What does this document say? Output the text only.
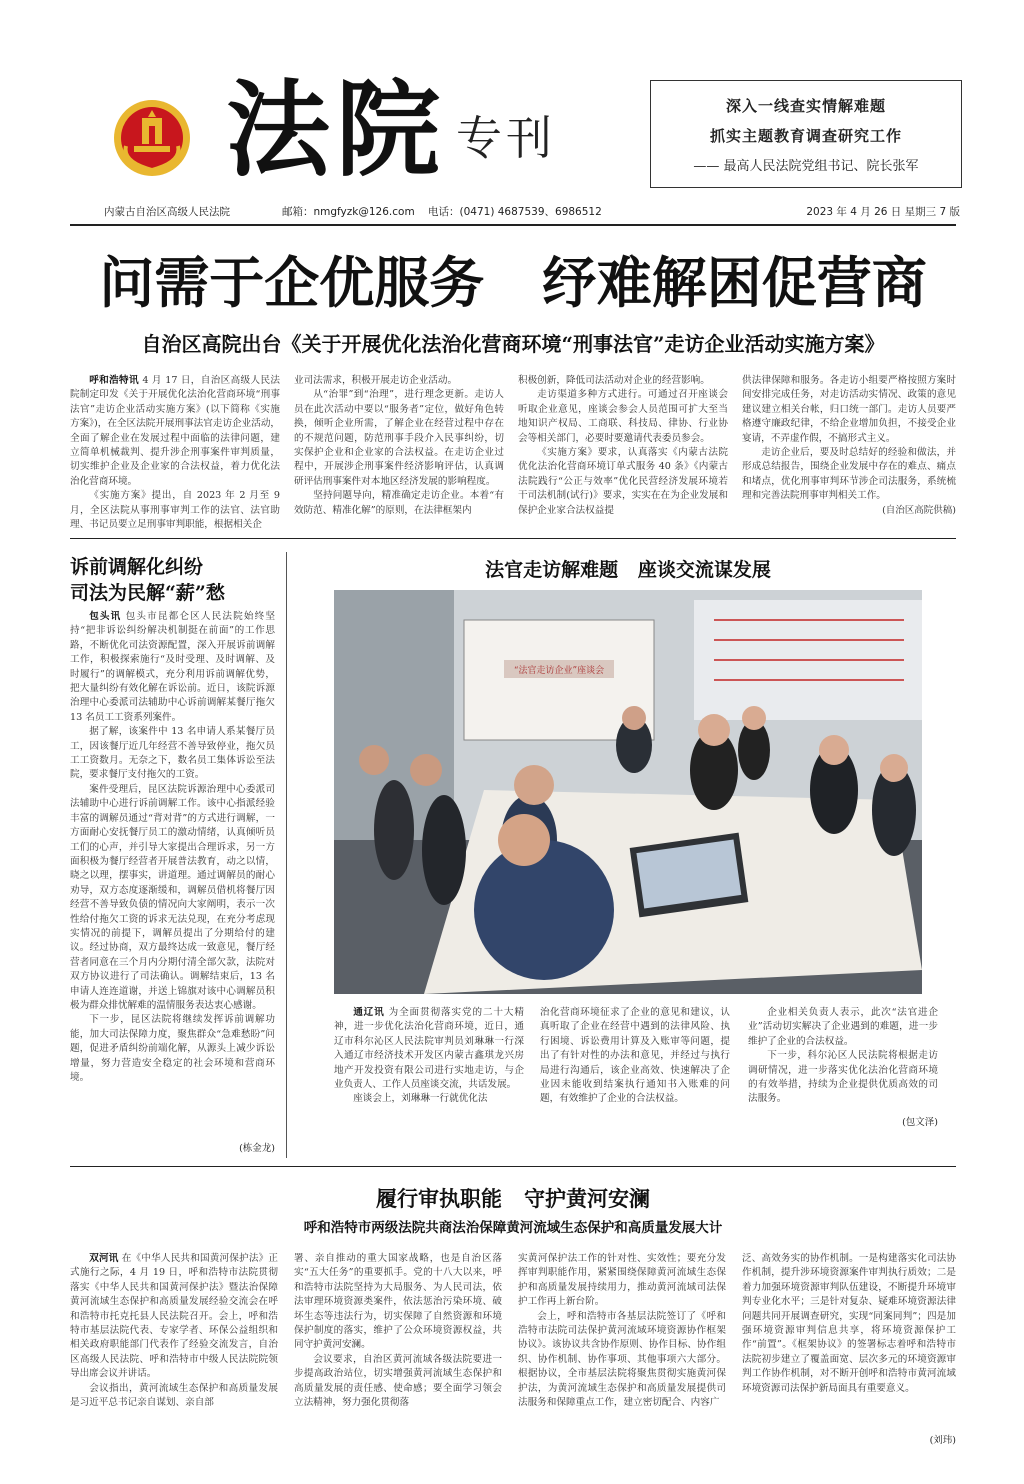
法院 专刊
深入一线查实情解难题
抓实主题教育调查研究工作
—— 最高人民法院党组书记、院长张军
内蒙古自治区高级人民法院	邮箱：nmgfyzk@126.com 电话：(0471) 4687539、6986512	2023 年 4 月 26 日 星期三 7 版
问需于企优服务   纾难解困促营商
自治区高院出台《关于开展优化法治化营商环境“刑事法官”走访企业活动实施方案》

呼和浩特讯 4 月 17 日，自治区高级人民法院制定印发《关于开展优化法治化营商环境“刑事法官”走访企业活动实施方案》(以下简称《实施方案》)，在全区法院开展刑事法官走访企业活动，全面了解企业在发展过程中面临的法律问题，建立简单机械裁判、提升涉企刑事案件审判质量，切实维护企业及企业家的合法权益，着力优化法治化营商环境。

《实施方案》提出，自 2023 年 2 月至 9 月，全区法院从事刑事审判工作的法官、法官助理、书记员要立足刑事审判职能，根据相关企

业司法需求，积极开展走访企业活动。

从“治罪”到“治理”，进行理念更新。走访人员在此次活动中要以“服务者”定位，做好角色转换，倾听企业所需，了解企业在经营过程中存在的不规范问题，防范刑事手段介入民事纠纷，切实保护企业和企业家的合法权益。在走访企业过程中，开展涉企刑事案件经济影响评估，认真调研评估刑事案件对本地区经济发展的影响程度。

坚持问题导向，精准确定走访企业。本着“有效防范、精准化解”的原则，在法律框架内

积极创新，降低司法活动对企业的经营影响。

走访渠道多种方式进行。可通过召开座谈会听取企业意见，座谈会参会人员范围可扩大至当地知识产权局、工商联、科技局、律协、行业协会等相关部门，必要时要邀请代表委员参会。

《实施方案》要求，认真落实《内蒙古法院优化法治化营商环境订单式服务 40 条》《内蒙古法院践行“公正与效率”优化民营经济发展环境若干司法机制(试行)》要求，实实在在为企业发展和保护企业家合法权益提

供法律保障和服务。各走访小组要严格按照方案时间安排完成任务，对走访活动实情况、政策的意见建议建立相关台帐，归口统一部门。走访人员要严格遵守廉政纪律，不给企业增加负担，不接受企业宴请，不弄虚作假，不搞形式主义。

走访企业后，要及时总结好的经验和做法，并形成总结报告，围绕企业发展中存在的难点、痛点和堵点，优化刑事审判环节涉企司法服务，系统梳理和完善法院刑事审判相关工作。

(自治区高院供稿)
诉前调解化纠纷
司法为民解“薪”愁

包头讯 包头市昆都仑区人民法院始终坚持“把非诉讼纠纷解决机制挺在前面”的工作思路，不断优化司法资源配置，深入开展诉前调解工作，积极探索施行“及时受理、及时调解、及时履行”的调解模式，充分利用诉前调解优势，把大量纠纷有效化解在诉讼前。近日，该院诉源治理中心委派司法辅助中心诉前调解某餐厅拖欠 13 名员工工资系列案件。

据了解，该案件中 13 名申请人系某餐厅员工，因该餐厅近几年经营不善导致停业，拖欠员工工资数月。无奈之下，数名员工集体诉讼至法院，要求餐厅支付拖欠的工资。

案件受理后，昆区法院诉源治理中心委派司法辅助中心进行诉前调解工作。该中心指派经验丰富的调解员通过“背对背”的方式进行调解，一方面耐心安抚餐厅员工的激动情绪，认真倾听员工们的心声，并引导大家提出合理诉求，另一方面积极为餐厅经营者开展普法教育，动之以情，晓之以理，摆事实，讲道理。通过调解员的耐心劝导，双方态度逐渐缓和，调解员借机将餐厅因经营不善导致负债的情况向大家阐明，表示一次性给付拖欠工资的诉求无法兑现，在充分考虑现实情况的前提下，调解员提出了分期给付的建议。经过协商，双方最终达成一致意见，餐厅经营者同意在三个月内分期付清全部欠款，法院对双方协议进行了司法确认。调解结束后，13 名申请人连连道谢，并送上锦旗对该中心调解员积极为群众排忧解难的温情服务表达衷心感谢。

下一步，昆区法院将继续发挥诉前调解功能，加大司法保障力度，聚焦群众“急难愁盼”问题，促进矛盾纠纷前端化解，从源头上减少诉讼增量，努力营造安全稳定的社会环境和营商环境。

(栋金龙)
法官走访解难题   座谈交流谋发展
“法官走访企业”座谈会

通辽讯 为全面贯彻落实党的二十大精神，进一步优化法治化营商环境，近日，通辽市科尔沁区人民法院审判员刘琳琳一行深入通辽市经济技术开发区内蒙古鑫琪龙兴房地产开发投资有限公司进行实地走访，与企业负责人、工作人员座谈交流，共话发展。

座谈会上，刘琳琳一行就优化法

治化营商环境征求了企业的意见和建议，认真听取了企业在经营中遇到的法律风险、执行困境、诉讼费用计算及入账审等问题，提出了有针对性的办法和意见，并经过与执行局进行沟通后，该企业高效、快速解决了企业因未能收到结案执行通知书入账难的问题，有效维护了企业的合法权益。

企业相关负责人表示，此次“法官进企业”活动切实解决了企业遇到的难题，进一步维护了企业的合法权益。

下一步，科尔沁区人民法院将根据走访调研情况，进一步落实优化法治化营商环境的有效举措，持续为企业提供优质高效的司法服务。

(包文泽)
履行审执职能   守护黄河安澜
呼和浩特市两级法院共商法治保障黄河流域生态保护和高质量发展大计

双河讯 在《中华人民共和国黄河保护法》正式施行之际，4 月 19 日，呼和浩特市法院贯彻落实《中华人民共和国黄河保护法》暨法治保障黄河流域生态保护和高质量发展经验交流会在呼和浩特市托克托县人民法院召开。会上，呼和浩特市基层法院代表、专家学者、环保公益组织和相关政府职能部门代表作了经验交流发言，自治区高级人民法院、呼和浩特市中级人民法院院领导出席会议并讲话。

会议指出，黄河流域生态保护和高质量发展是习近平总书记亲自谋划、亲自部

署、亲自推动的重大国家战略，也是自治区落实“五大任务”的重要抓手。党的十八大以来，呼和浩特市法院坚持为大局服务、为人民司法，依法审理环境资源类案件，依法惩治污染环境、破坏生态等违法行为，切实保障了自然资源和环境保护制度的落实，维护了公众环境资源权益，共同守护黄河安澜。

会议要求，自治区黄河流域各级法院要进一步提高政治站位，切实增强黄河流域生态保护和高质量发展的责任感、使命感；要全面学习领会立法精神，努力强化贯彻落

实黄河保护法工作的针对性、实效性；要充分发挥审判职能作用，紧紧围绕保障黄河流域生态保护和高质量发展持续用力，推动黄河流域司法保护工作再上新台阶。

会上，呼和浩特市各基层法院签订了《呼和浩特市法院司法保护黄河流域环境资源协作框架协议》。该协议共含协作原则、协作目标、协作组织、协作机制、协作事项、其他事项六大部分。根据协议，全市基层法院将聚焦贯彻实施黄河保护法，为黄河流域生态保护和高质量发展提供司法服务和保障重点工作，建立密切配合、内容广

泛、高效务实的协作机制。一是构建落实化司法协作机制，提升涉环境资源案件审判执行质效；二是着力加强环境资源审判队伍建设，不断提升环境审判专业化水平；三是针对复杂、疑难环境资源法律问题共同开展调查研究，实现“同案同判”；四是加强环境资源审判信息共享，将环境资源保护工作“前置”。《框架协议》的签署标志着呼和浩特市法院初步建立了覆盖面宽、层次多元的环境资源审判工作协作机制，对不断开创呼和浩特市黄河流域环境资源司法保护新局面具有重要意义。

(刘玮)
